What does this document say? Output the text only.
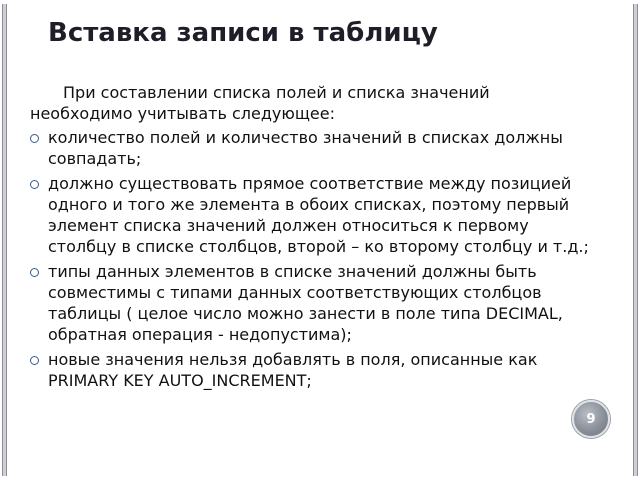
Вставка записи в таблицу

При составлении списка полей и списка значений необходимо учитывать следующее:

количество полей и количество значений в списках должны совпадать;
должно существовать прямое соответствие между позицией одного и того же элемента в обоих списках, поэтому первый элемент списка значений должен относиться к первому столбцу в списке столбцов, второй – ко второму столбцу и т.д.;
типы данных элементов в списке значений должны быть совместимы с типами данных соответствующих столбцов таблицы ( целое число можно занести в поле типа DECIMAL, обратная операция - недопустима);
новые значения нельзя добавлять в поля, описанные как PRIMARY KEY AUTO_INCREMENT;
9
